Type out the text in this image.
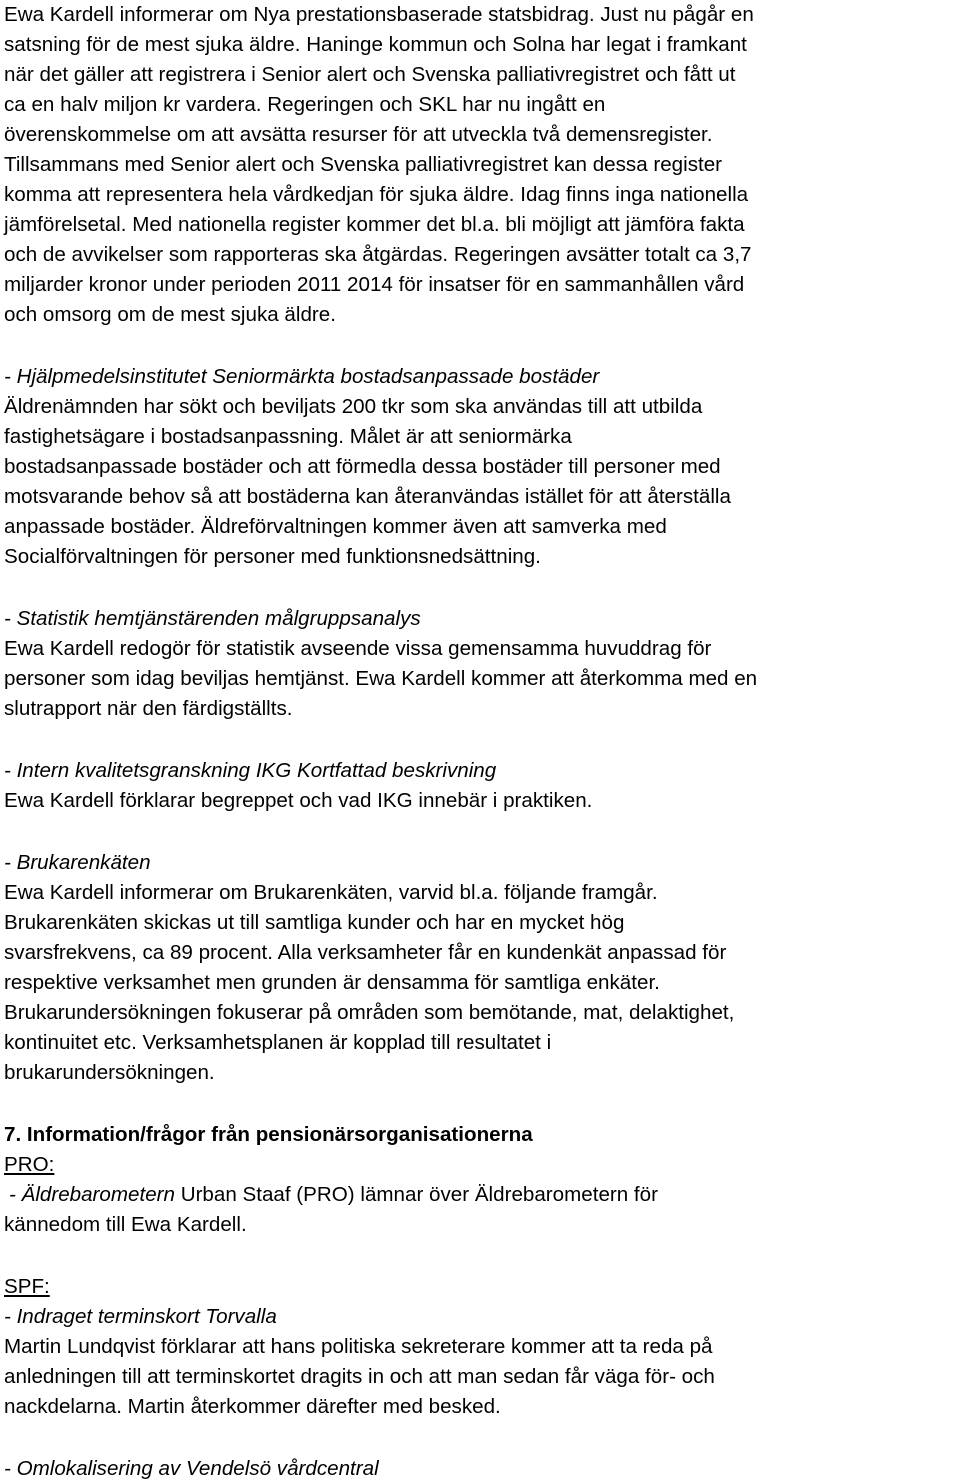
Ewa Kardell informerar om Nya prestationsbaserade statsbidrag. Just nu pågår en
satsning för de mest sjuka äldre. Haninge kommun och Solna har legat i framkant
när det gäller att registrera i Senior alert och Svenska palliativregistret och fått ut
ca en halv miljon kr vardera. Regeringen och SKL har nu ingått en
överenskommelse om att avsätta resurser för att utveckla två demensregister.
Tillsammans med Senior alert och Svenska palliativregistret kan dessa register
komma att representera hela vårdkedjan för sjuka äldre. Idag finns inga nationella
jämförelsetal. Med nationella register kommer det bl.a. bli möjligt att jämföra fakta
och de avvikelser som rapporteras ska åtgärdas. Regeringen avsätter totalt ca 3,7
miljarder kronor under perioden 2011 2014 för insatser för en sammanhållen vård
och omsorg om de mest sjuka äldre.
- Hjälpmedelsinstitutet Seniormärkta bostadsanpassade bostäder
Äldrenämnden har sökt och beviljats 200 tkr som ska användas till att utbilda
fastighetsägare i bostadsanpassning. Målet är att seniormärka
bostadsanpassade bostäder och att förmedla dessa bostäder till personer med
motsvarande behov så att bostäderna kan återanvändas istället för att återställa
anpassade bostäder. Äldreförvaltningen kommer även att samverka med
Socialförvaltningen för personer med funktionsnedsättning.
- Statistik hemtjänstärenden målgruppsanalys
Ewa Kardell redogör för statistik avseende vissa gemensamma huvuddrag för
personer som idag beviljas hemtjänst. Ewa Kardell kommer att återkomma med en
slutrapport när den färdigställts.
- Intern kvalitetsgranskning IKG Kortfattad beskrivning
Ewa Kardell förklarar begreppet och vad IKG innebär i praktiken.
- Brukarenkäten
Ewa Kardell informerar om Brukarenkäten, varvid bl.a. följande framgår.
Brukarenkäten skickas ut till samtliga kunder och har en mycket hög
svarsfrekvens, ca 89 procent. Alla verksamheter får en kundenkät anpassad för
respektive verksamhet men grunden är densamma för samtliga enkäter.
Brukarundersökningen fokuserar på områden som bemötande, mat, delaktighet,
kontinuitet etc. Verksamhetsplanen är kopplad till resultatet i
brukarundersökningen.
7. Information/frågor från pensionärsorganisationerna
PRO:
- Äldrebarometern Urban Staaf (PRO) lämnar över Äldrebarometern för
kännedom till Ewa Kardell.
SPF:
- Indraget terminskort Torvalla
Martin Lundqvist förklarar att hans politiska sekreterare kommer att ta reda på
anledningen till att terminskortet dragits in och att man sedan får väga för- och
nackdelarna. Martin återkommer därefter med besked.
- Omlokalisering av Vendelsö vårdcentral
